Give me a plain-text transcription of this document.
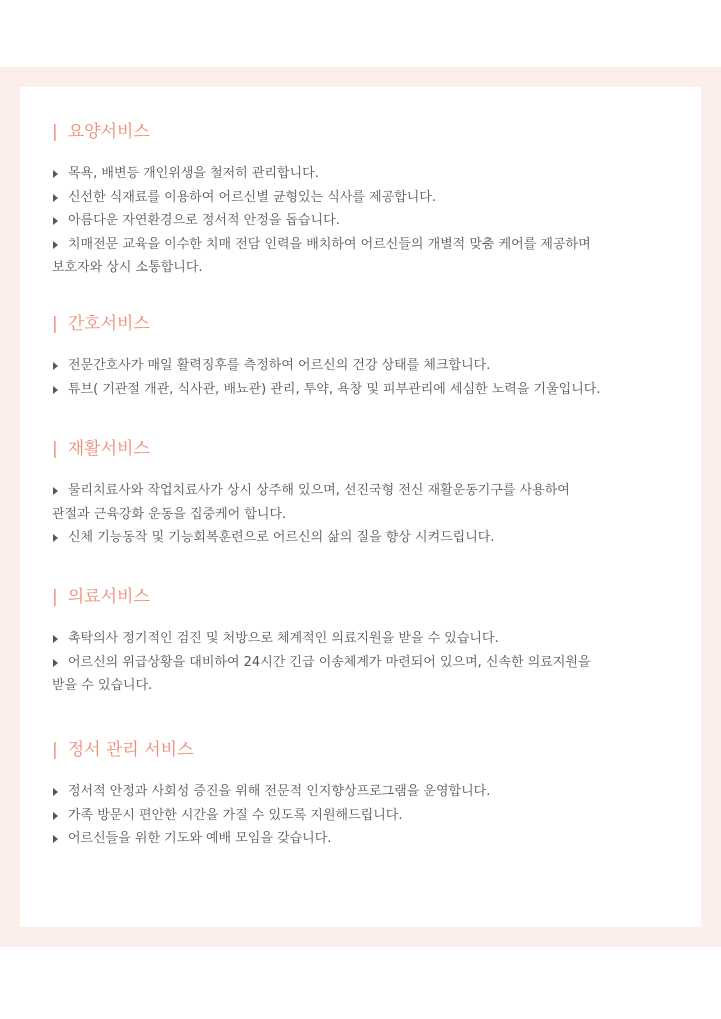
| 요양서비스
목욕, 배변등 개인위생을 철저히 관리합니다.
신선한 식재료를 이용하여 어르신별 균형있는 식사를 제공합니다.
아름다운 자연환경으로 정서적 안정을 돕습니다.
치매전문 교육을 이수한 치매 전담 인력을 배치하여 어르신들의 개별적 맞춤 케어를 제공하며
보호자와 상시 소통합니다.
| 간호서비스
전문간호사가 매일 활력징후를 측정하여 어르신의 건강 상태를 체크합니다.
튜브( 기관절 개관, 식사관, 배뇨관) 관리, 투약, 욕창 및 피부관리에 세심한 노력을 기울입니다.
| 재활서비스
물리치료사와 작업치료사가 상시 상주해 있으며, 선진국형 전신 재활운동기구를 사용하여
관절과 근육강화 운동을 집중케어 합니다.
신체 기능동작 및 기능회복훈련으로 어르신의 삶의 질을 향상 시켜드립니다.
| 의료서비스
촉탁의사 정기적인 검진 및 처방으로 체계적인 의료지원을 받을 수 있습니다.
어르신의 위급상황을 대비하여 24시간 긴급 이송체계가 마련되어 있으며, 신속한 의료지원을
받을 수 있습니다.
| 정서 관리 서비스
정서적 안정과 사회성 증진을 위해 전문적 인지향상프로그램을 운영합니다.
가족 방문시 편안한 시간을 가질 수 있도록 지원해드립니다.
어르신들을 위한 기도와 예배 모임을 갖습니다.
